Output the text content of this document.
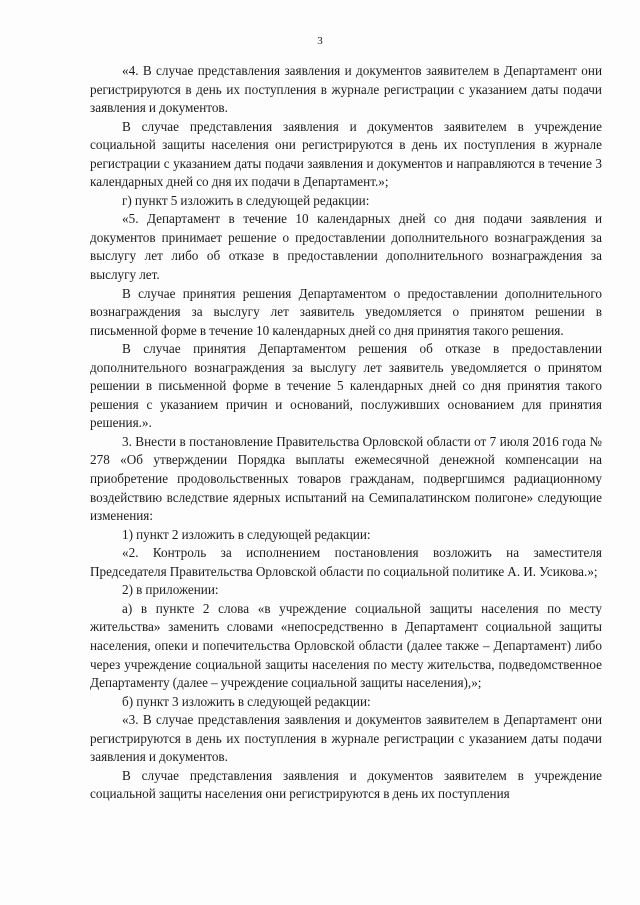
3

«4. В случае представления заявления и документов заявителем в Департамент они регистрируются в день их поступления в журнале регистрации с указанием даты подачи заявления и документов.

В случае представления заявления и документов заявителем в учреждение социальной защиты населения они регистрируются в день их поступления в журнале регистрации с указанием даты подачи заявления и документов и направляются в течение 3 календарных дней со дня их подачи в Департамент.»;

г) пункт 5 изложить в следующей редакции:

«5. Департамент в течение 10 календарных дней со дня подачи заявления и документов принимает решение о предоставлении дополнительного вознаграждения за выслугу лет либо об отказе в предоставлении дополнительного вознаграждения за выслугу лет.

В случае принятия решения Департаментом о предоставлении дополнительного вознаграждения за выслугу лет заявитель уведомляется о принятом решении в письменной форме в течение 10 календарных дней со дня принятия такого решения.

В случае принятия Департаментом решения об отказе в предоставлении дополнительного вознаграждения за выслугу лет заявитель уведомляется о принятом решении в письменной форме в течение 5 календарных дней со дня принятия такого решения с указанием причин и оснований, послуживших основанием для принятия решения.».

3. Внести в постановление Правительства Орловской области от 7 июля 2016 года № 278 «Об утверждении Порядка выплаты ежемесячной денежной компенсации на приобретение продовольственных товаров гражданам, подвергшимся радиационному воздействию вследствие ядерных испытаний на Семипалатинском полигоне» следующие изменения:

1) пункт 2 изложить в следующей редакции:

«2. Контроль за исполнением постановления возложить на заместителя Председателя Правительства Орловской области по социальной политике А. И. Усикова.»;

2) в приложении:

а) в пункте 2 слова «в учреждение социальной защиты населения по месту жительства» заменить словами «непосредственно в Департамент социальной защиты населения, опеки и попечительства Орловской области (далее также – Департамент) либо через учреждение социальной защиты населения по месту жительства, подведомственное Департаменту (далее – учреждение социальной защиты населения),»;

б) пункт 3 изложить в следующей редакции:

«3. В случае представления заявления и документов заявителем в Департамент они регистрируются в день их поступления в журнале регистрации с указанием даты подачи заявления и документов.

В случае представления заявления и документов заявителем в учреждение социальной защиты населения они регистрируются в день их поступления
